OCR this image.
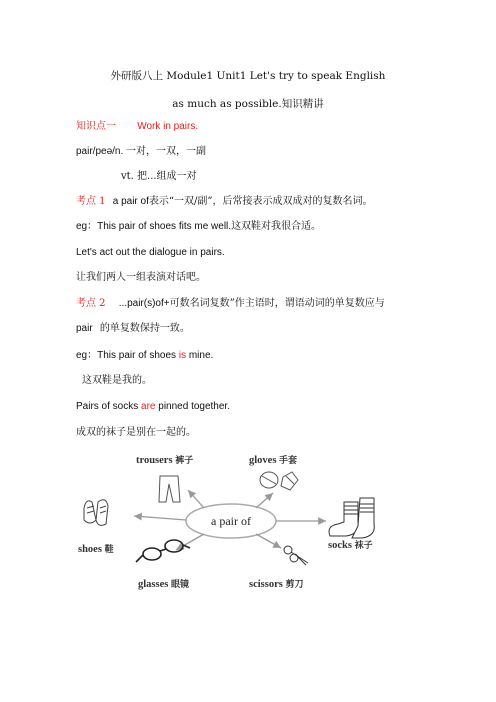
外研版八上 Module1 Unit1 Let's try to speak English
as much as possible.知识精讲
知识点一 Work in pairs.
pair/peə/n. 一对，一双，一副
vt. 把...组成一对
考点 1 a pair of表示“一双/副”，后常接表示成双成对的复数名词。
eg：This pair of shoes fits me well.这双鞋对我很合适。
Let's act out the dialogue in pairs.
让我们两人一组表演对话吧。
考点 2 ...pair(s)of+可数名词复数”作主语时，谓语动词的单复数应与
pair 的单复数保持一致。
eg：This pair of shoes is mine.
这双鞋是我的。
Pairs of socks are pinned together.
成双的袜子是别在一起的。
a pair of
trousers 裤子	gloves 手套
shoes 鞋	socks 袜子
glasses 眼镜	scissors 剪刀
